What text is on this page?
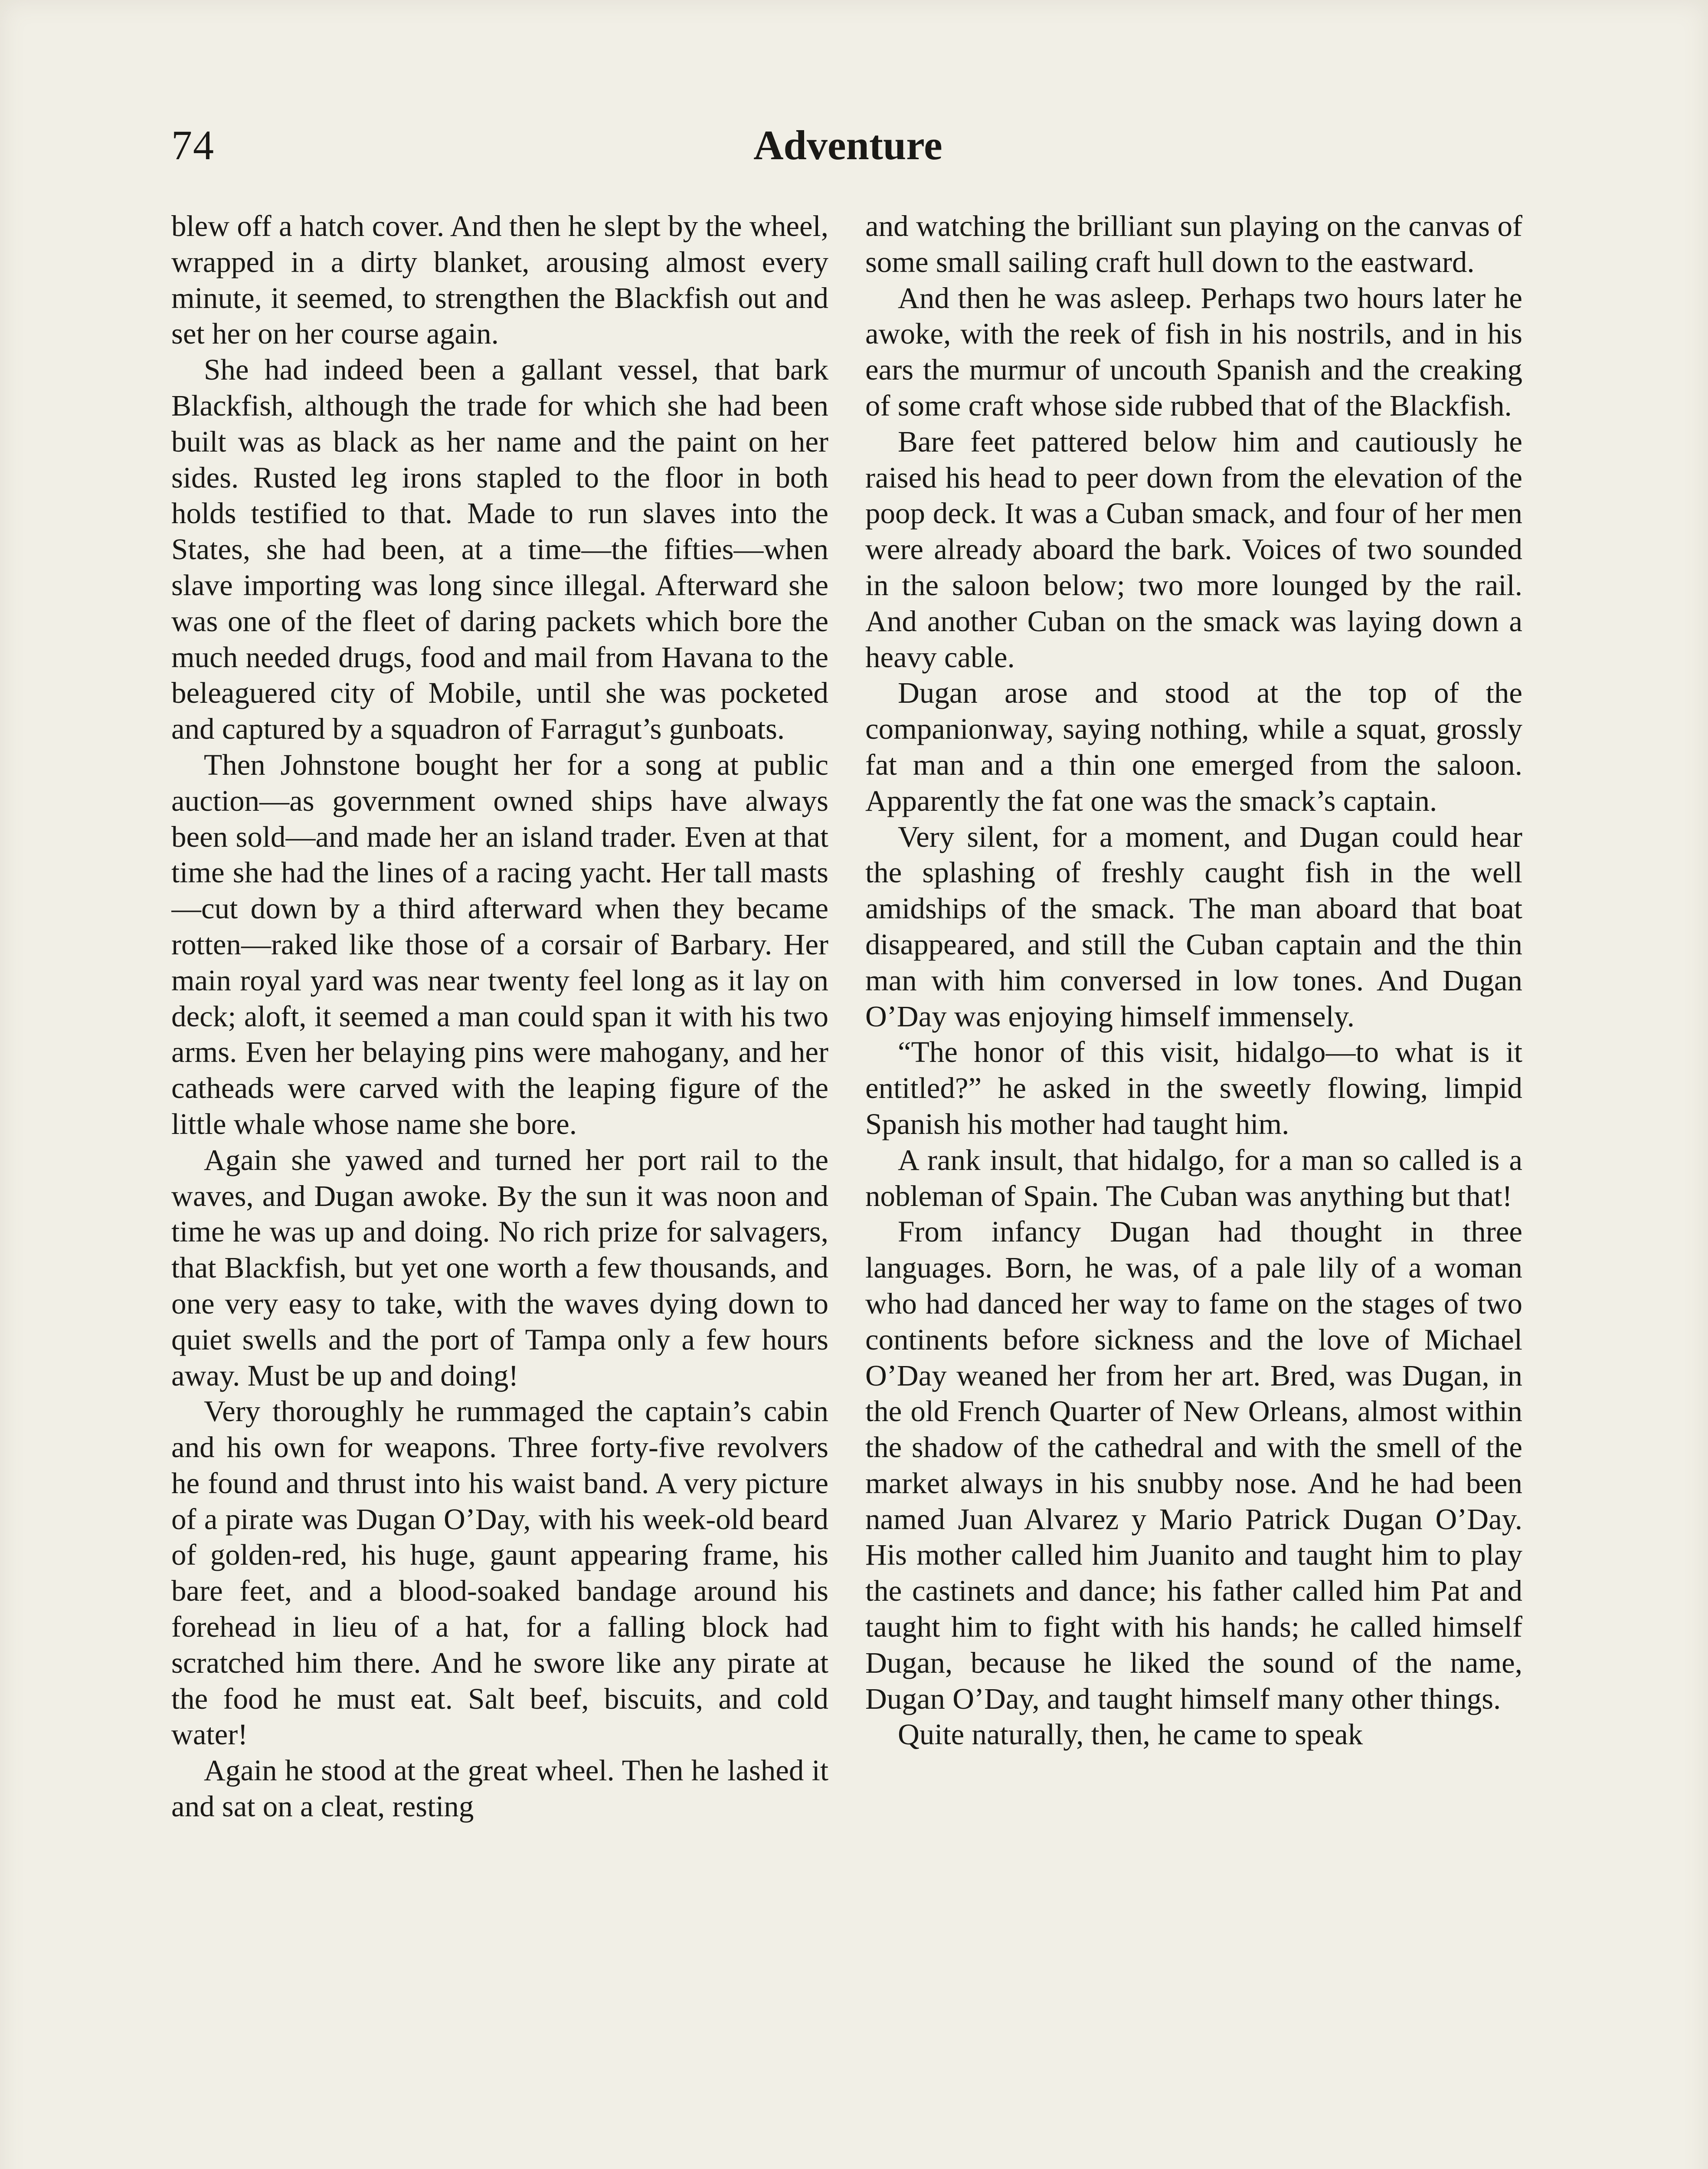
74	Adventure

blew off a hatch cover. And then he slept by the wheel, wrapped in a dirty blanket, arousing almost every minute, it seemed, to strengthen the Blackfish out and set her on her course again.

She had indeed been a gallant vessel, that bark Blackfish, although the trade for which she had been built was as black as her name and the paint on her sides. Rusted leg irons stapled to the floor in both holds testified to that. Made to run slaves into the States, she had been, at a time—the fifties—when slave importing was long since illegal. Afterward she was one of the fleet of daring packets which bore the much needed drugs, food and mail from Havana to the beleaguered city of Mobile, until she was pocketed and captured by a squadron of Farragut’s gunboats.

Then Johnstone bought her for a song at public auction—as government owned ships have always been sold—and made her an island trader. Even at that time she had the lines of a racing yacht. Her tall masts—cut down by a third afterward when they became rotten—raked like those of a corsair of Barbary. Her main royal yard was near twenty feel long as it lay on deck; aloft, it seemed a man could span it with his two arms. Even her belaying pins were mahogany, and her catheads were carved with the leaping figure of the little whale whose name she bore.

Again she yawed and turned her port rail to the waves, and Dugan awoke. By the sun it was noon and time he was up and doing. No rich prize for salvagers, that Blackfish, but yet one worth a few thousands, and one very easy to take, with the waves dying down to quiet swells and the port of Tampa only a few hours away. Must be up and doing!

Very thoroughly he rummaged the captain’s cabin and his own for weapons. Three forty-five revolvers he found and thrust into his waist band. A very picture of a pirate was Dugan O’Day, with his week-old beard of golden-red, his huge, gaunt appearing frame, his bare feet, and a blood-soaked bandage around his forehead in lieu of a hat, for a falling block had scratched him there. And he swore like any pirate at the food he must eat. Salt beef, biscuits, and cold water!

Again he stood at the great wheel. Then he lashed it and sat on a cleat, resting

and watching the brilliant sun playing on the canvas of some small sailing craft hull down to the eastward.

And then he was asleep. Perhaps two hours later he awoke, with the reek of fish in his nostrils, and in his ears the murmur of uncouth Spanish and the creaking of some craft whose side rubbed that of the Blackfish.

Bare feet pattered below him and cautiously he raised his head to peer down from the elevation of the poop deck. It was a Cuban smack, and four of her men were already aboard the bark. Voices of two sounded in the saloon below; two more lounged by the rail. And another Cuban on the smack was laying down a heavy cable.

Dugan arose and stood at the top of the companionway, saying nothing, while a squat, grossly fat man and a thin one emerged from the saloon. Apparently the fat one was the smack’s captain.

Very silent, for a moment, and Dugan could hear the splashing of freshly caught fish in the well amidships of the smack. The man aboard that boat disappeared, and still the Cuban captain and the thin man with him conversed in low tones. And Dugan O’Day was enjoying himself immensely.

“The honor of this visit, hidalgo—to what is it entitled?” he asked in the sweetly flowing, limpid Spanish his mother had taught him.

A rank insult, that hidalgo, for a man so called is a nobleman of Spain. The Cuban was anything but that!

From infancy Dugan had thought in three languages. Born, he was, of a pale lily of a woman who had danced her way to fame on the stages of two continents before sickness and the love of Michael O’Day weaned her from her art. Bred, was Dugan, in the old French Quarter of New Orleans, almost within the shadow of the cathedral and with the smell of the market always in his snubby nose. And he had been named Juan Alvarez y Mario Patrick Dugan O’Day. His mother called him Juanito and taught him to play the castinets and dance; his father called him Pat and taught him to fight with his hands; he called himself Dugan, because he liked the sound of the name, Dugan O’Day, and taught himself many other things.

Quite naturally, then, he came to speak
